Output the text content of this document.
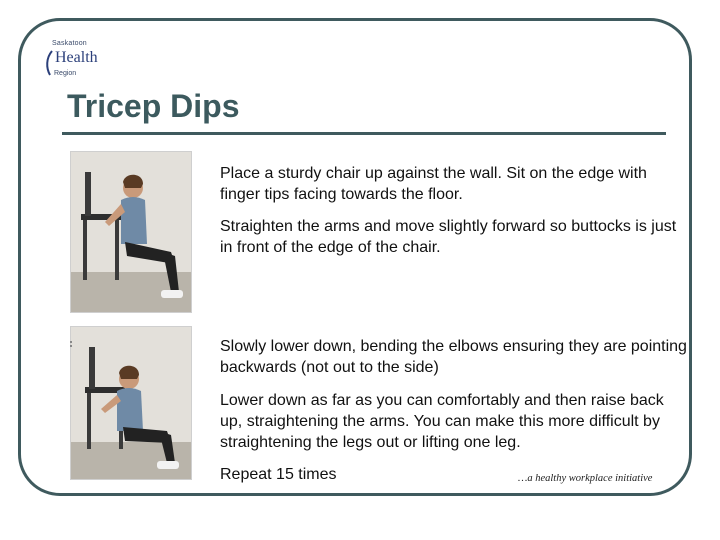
Saskatoon
Health
Region
Tricep Dips

Place a sturdy chair up against the wall. Sit on the edge with finger tips facing towards the floor.

Straighten the arms and move slightly forward so buttocks is just in front of the edge of the chair.

Slowly lower down, bending the elbows ensuring they are pointing backwards (not out to the side)

Lower down as far as you can comfortably and then raise back up, straightening the arms. You can make this more difficult by straightening the legs out or lifting one leg.

Repeat 15 times	…a healthy workplace initiative
